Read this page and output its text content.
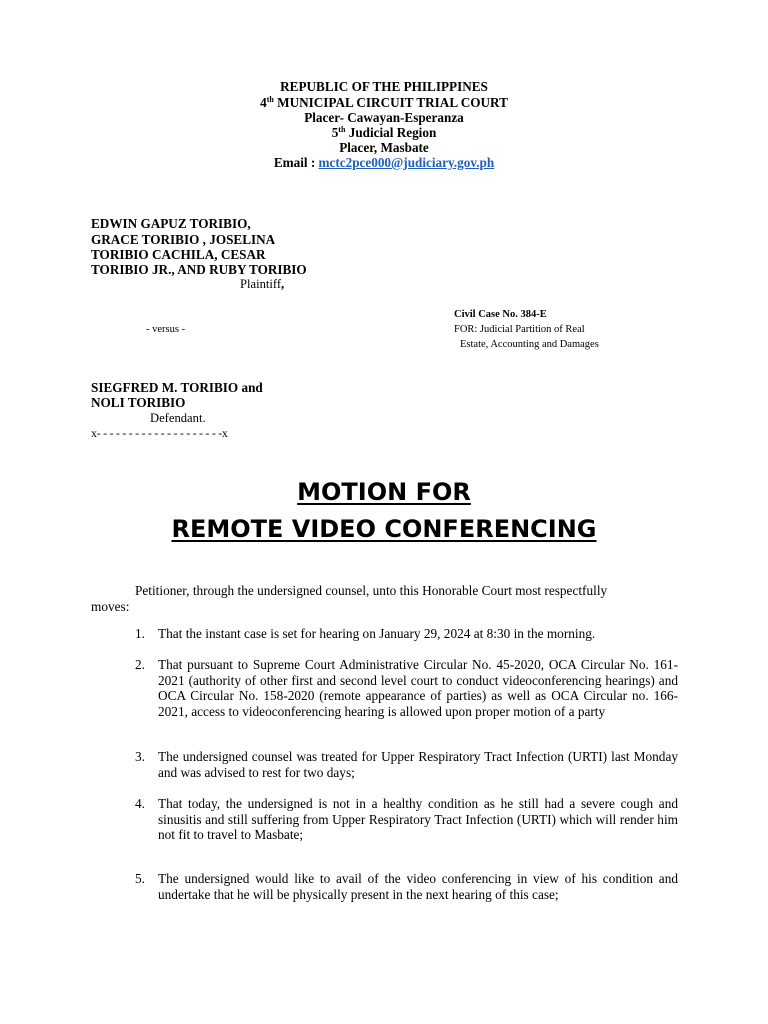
REPUBLIC OF THE PHILIPPINES
4th MUNICIPAL CIRCUIT TRIAL COURT
Placer- Cawayan-Esperanza
5th Judicial Region
Placer, Masbate
Email : mctc2pce000@judiciary.gov.ph
EDWIN GAPUZ TORIBIO,
GRACE TORIBIO , JOSELINA
TORIBIO CACHILA, CESAR
TORIBIO JR., AND RUBY TORIBIO
Plaintiff,
Civil Case No. 384-E
- versus -	FOR: Judicial Partition of Real
Estate, Accounting and Damages
SIEGFRED M. TORIBIO and
NOLI TORIBIO
Defendant.
x- - - - - - - - - - - - - - - - - - - -x
MOTION FOR
REMOTE VIDEO CONFERENCING
Petitioner, through the undersigned counsel, unto this Honorable Court most respectfully
moves:
1. That the instant case is set for hearing on January 29, 2024 at 8:30 in the morning.
2. That pursuant to Supreme Court Administrative Circular No. 45-2020, OCA Circular No. 161-2021 (authority of other first and second level court to conduct videoconferencing hearings) and OCA Circular No. 158-2020 (remote appearance of parties) as well as OCA Circular no. 166-2021, access to videoconferencing hearing is allowed upon proper motion of a party
3. The undersigned counsel was treated for Upper Respiratory Tract Infection (URTI) last Monday and was advised to rest for two days;
4. That today, the undersigned is not in a healthy condition as he still had a severe cough and sinusitis and still suffering from Upper Respiratory Tract Infection (URTI) which will render him not fit to travel to Masbate;
5. The undersigned would like to avail of the video conferencing in view of his condition and undertake that he will be physically present in the next hearing of this case;
